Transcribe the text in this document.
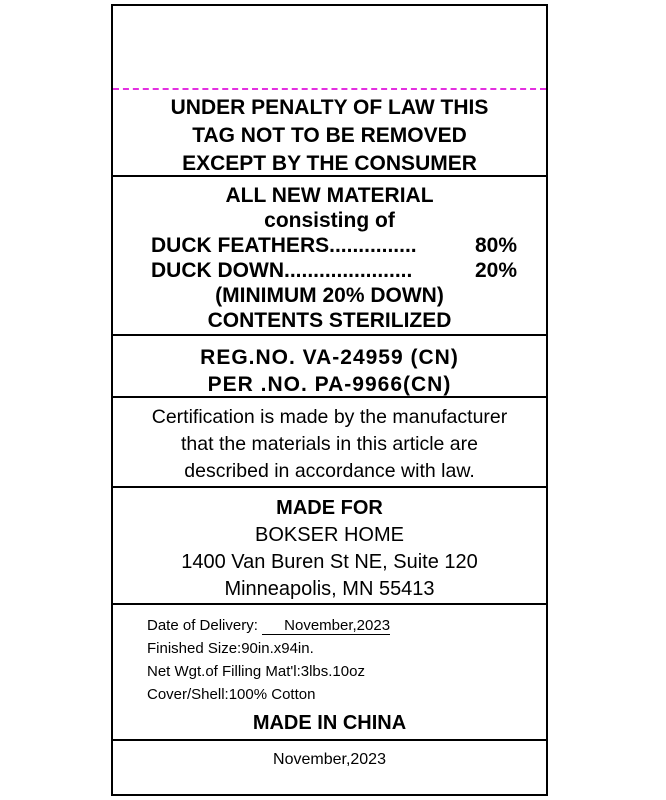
UNDER PENALTY OF LAW THIS
TAG NOT TO BE REMOVED
EXCEPT BY THE CONSUMER
ALL NEW MATERIAL
consisting of
DUCK FEATHERS...............	80%
DUCK DOWN......................	20%
(MINIMUM 20% DOWN)
CONTENTS STERILIZED
REG.NO. VA-24959 (CN)
PER .NO. PA-9966(CN)
Certification is made by the manufacturer
that the materials in this article are
described in accordance with law.
MADE FOR
BOKSER HOME
1400 Van Buren St NE, Suite 120
Minneapolis, MN 55413
Date of Delivery: November,2023
Finished Size:90in.x94in.
Net Wgt.of Filling Mat'l:3lbs.10oz
Cover/Shell:100% Cotton
MADE IN CHINA
November,2023
